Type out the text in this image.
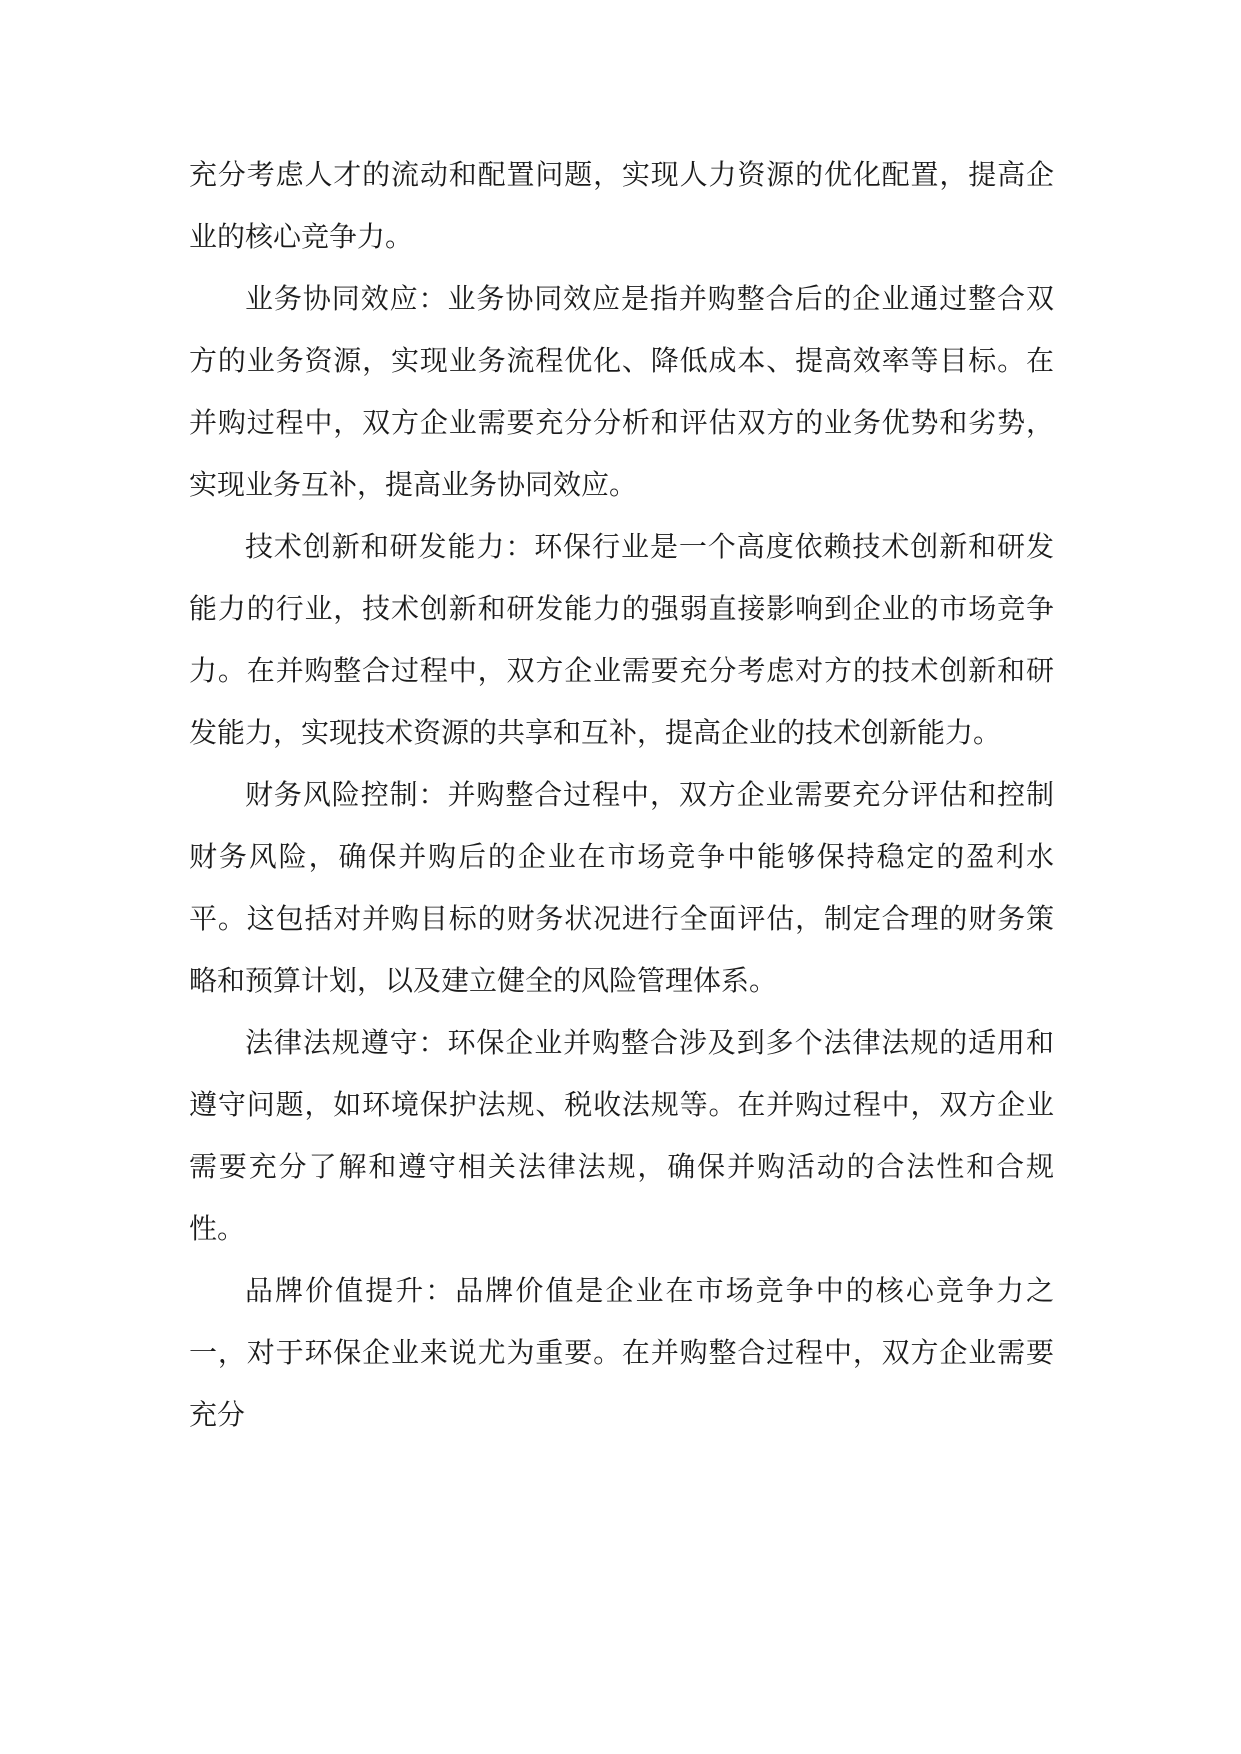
充分考虑人才的流动和配置问题，实现人力资源的优化配置，提高企业的核心竞争力。

业务协同效应：业务协同效应是指并购整合后的企业通过整合双方的业务资源，实现业务流程优化、降低成本、提高效率等目标。在并购过程中，双方企业需要充分分析和评估双方的业务优势和劣势，实现业务互补，提高业务协同效应。

技术创新和研发能力：环保行业是一个高度依赖技术创新和研发能力的行业，技术创新和研发能力的强弱直接影响到企业的市场竞争力。在并购整合过程中，双方企业需要充分考虑对方的技术创新和研发能力，实现技术资源的共享和互补，提高企业的技术创新能力。

财务风险控制：并购整合过程中，双方企业需要充分评估和控制财务风险，确保并购后的企业在市场竞争中能够保持稳定的盈利水平。这包括对并购目标的财务状况进行全面评估，制定合理的财务策略和预算计划，以及建立健全的风险管理体系。

法律法规遵守：环保企业并购整合涉及到多个法律法规的适用和遵守问题，如环境保护法规、税收法规等。在并购过程中，双方企业需要充分了解和遵守相关法律法规，确保并购活动的合法性和合规性。

品牌价值提升：品牌价值是企业在市场竞争中的核心竞争力之一，对于环保企业来说尤为重要。在并购整合过程中，双方企业需要充分
